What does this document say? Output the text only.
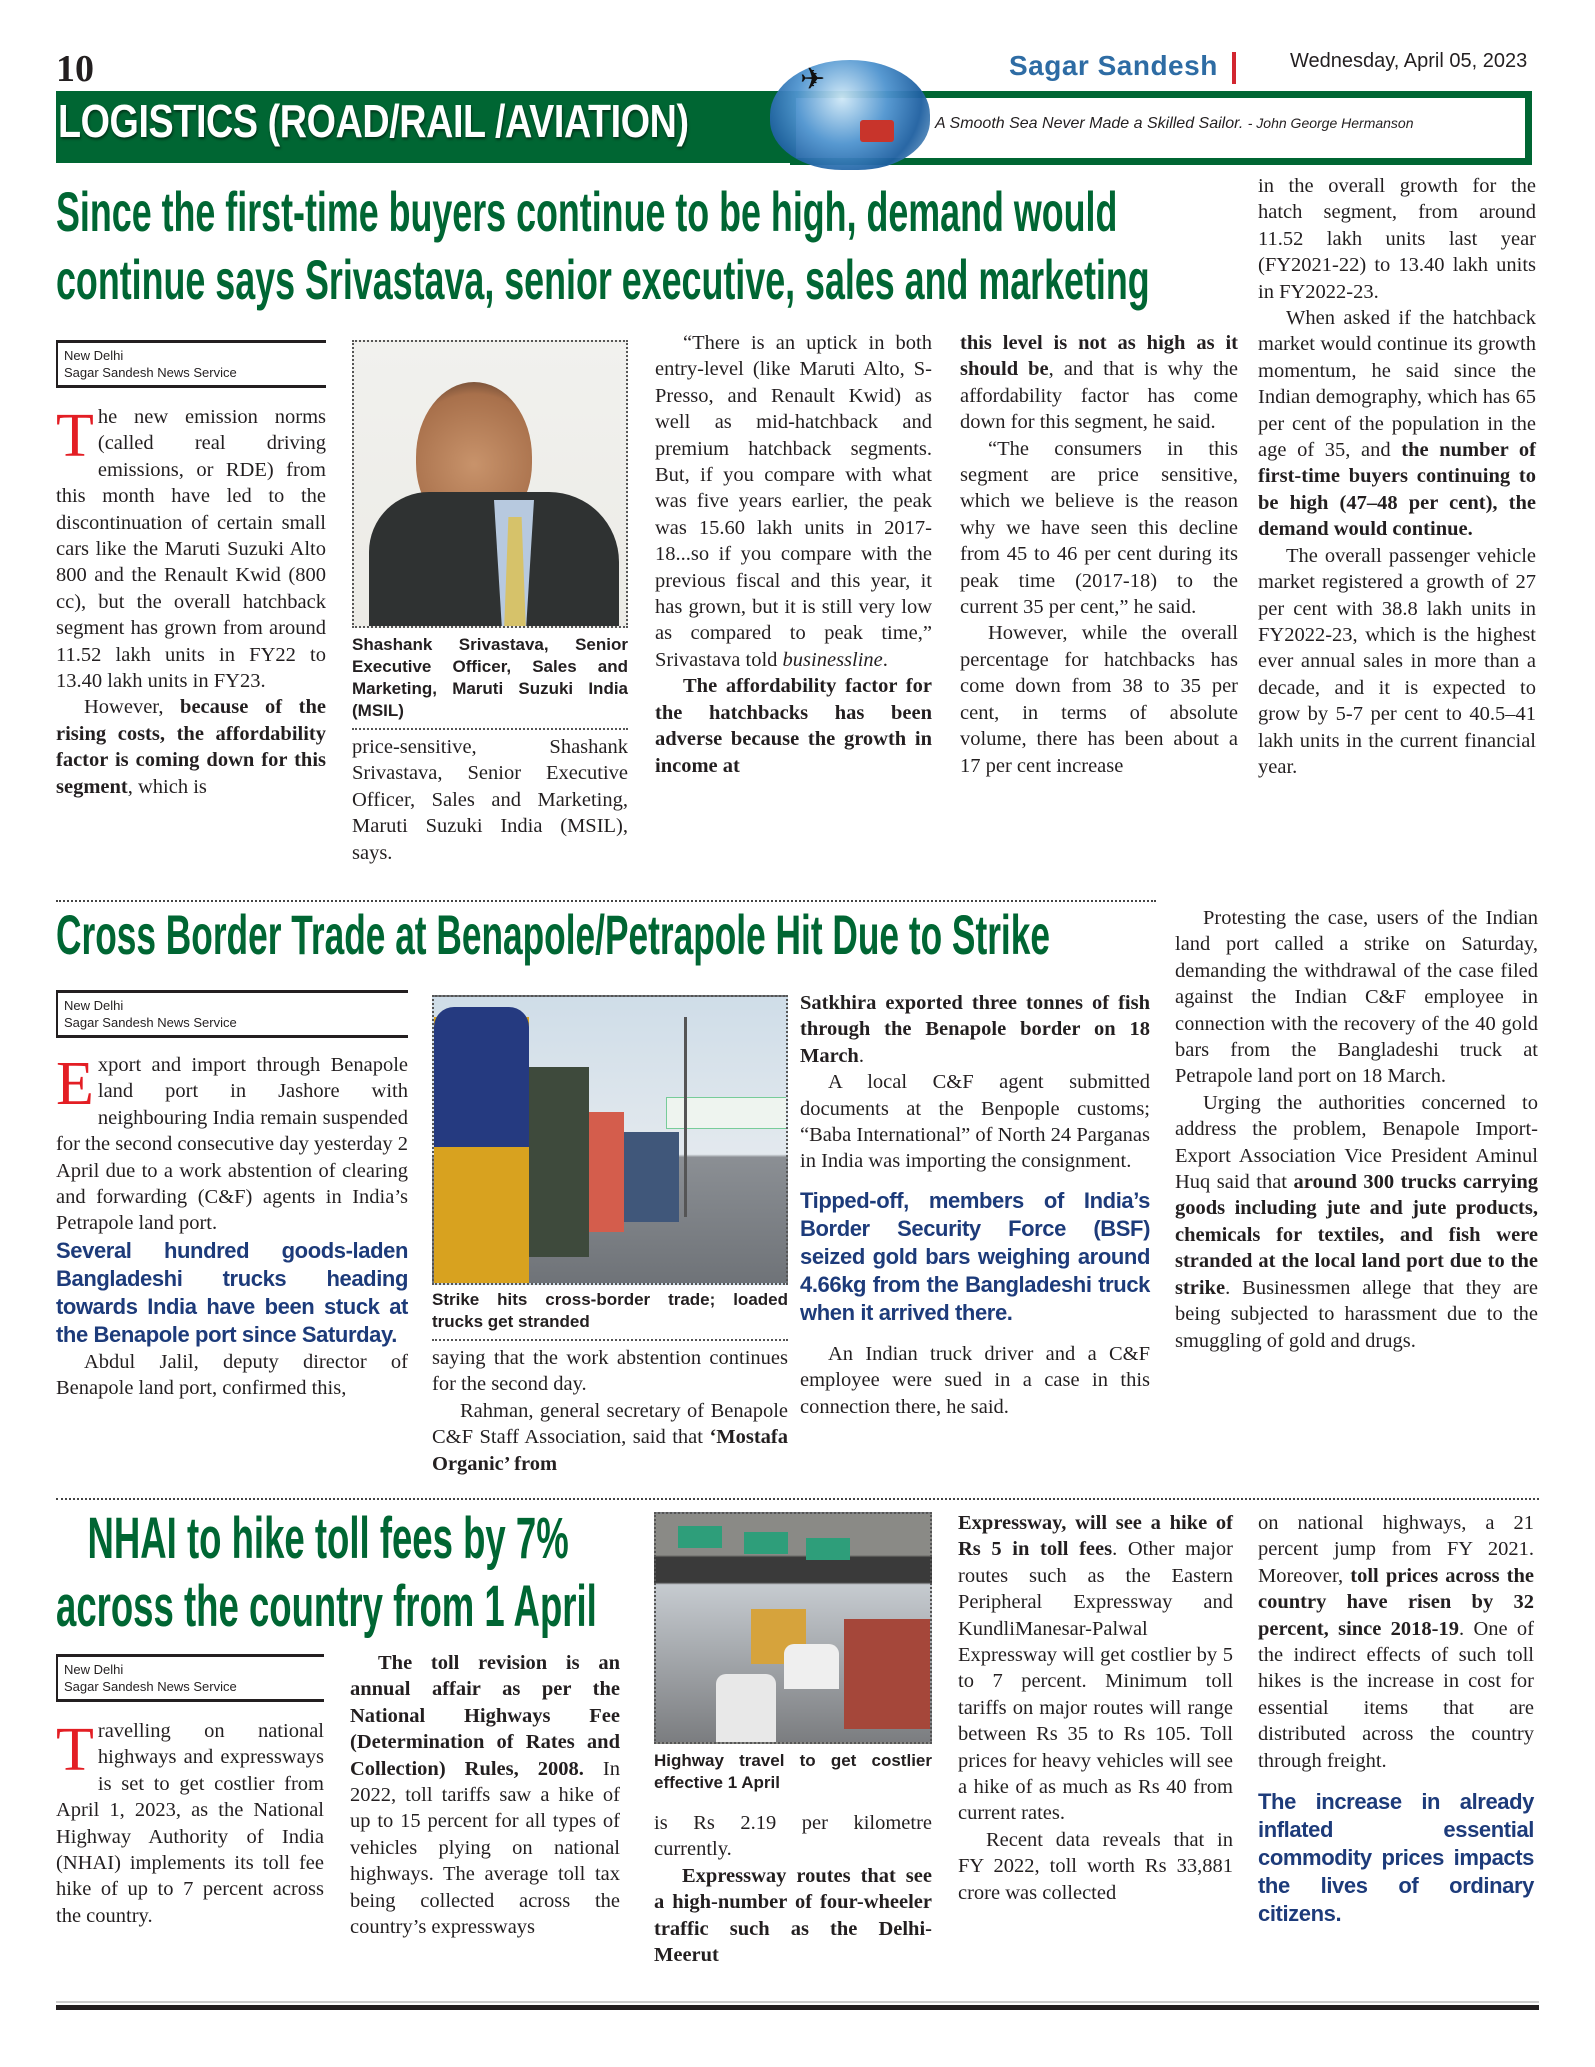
10	Sagar Sandesh	Wednesday, April 05, 2023
LOGISTICS (ROAD/RAIL /AVIATION)	A Smooth Sea Never Made a Skilled Sailor. - John George Hermanson
✈
Since the first-time buyers continue to be high, demand would
continue says Srivastava, senior executive, sales and marketing
New Delhi
Sagar Sandesh News Service

The new emission norms (called real driving emissions, or RDE) from this month have led to the discontinuation of certain small cars like the Maruti Suzuki Alto 800 and the Renault Kwid (800 cc), but the overall hatchback segment has grown from around 11.52 lakh units in FY22 to 13.40 lakh units in FY23.

However, because of the rising costs, the affordability factor is coming down for this segment, which is

Shashank Srivastava, Senior Executive Officer, Sales and Marketing, Maruti Suzuki India (MSIL)

price-sensitive, Shashank Srivastava, Senior Executive Officer, Sales and Marketing, Maruti Suzuki India (MSIL), says.

“There is an uptick in both entry-level (like Maruti Alto, S-Presso, and Renault Kwid) as well as mid-hatchback and premium hatchback segments. But, if you compare with what was five years earlier, the peak was 15.60 lakh units in 2017-18...so if you compare with the previous fiscal and this year, it has grown, but it is still very low as compared to peak time,” Srivastava told businessline.

The affordability factor for the hatchbacks has been adverse because the growth in income at

this level is not as high as it should be, and that is why the affordability factor has come down for this segment, he said.

“The consumers in this segment are price sensitive, which we believe is the reason why we have seen this decline from 45 to 46 per cent during its peak time (2017-18) to the current 35 per cent,” he said.

However, while the overall percentage for hatchbacks has come down from 38 to 35 per cent, in terms of absolute volume, there has been about a 17 per cent increase

in the overall growth for the hatch segment, from around 11.52 lakh units last year (FY2021-22) to 13.40 lakh units in FY2022-23.

When asked if the hatchback market would continue its growth momentum, he said since the Indian demography, which has 65 per cent of the population in the age of 35, and the number of first-time buyers continuing to be high (47–48 per cent), the demand would continue.

The overall passenger vehicle market registered a growth of 27 per cent with 38.8 lakh units in FY2022-23, which is the highest ever annual sales in more than a decade, and it is expected to grow by 5-7 per cent to 40.5–41 lakh units in the current financial year.

Cross Border Trade at Benapole/Petrapole Hit Due to Strike
New Delhi
Sagar Sandesh News Service

Export and import through Benapole land port in Jashore with neighbouring India remain suspended for the second consecutive day yesterday 2 April due to a work abstention of clearing and forwarding (C&F) agents in India’s Petrapole land port.

Several hundred goods-laden Bangladeshi trucks heading towards India have been stuck at the Benapole port since Saturday.

Abdul Jalil, deputy director of Benapole land port, confirmed this,

Strike hits cross-border trade; loaded trucks get stranded

saying that the work abstention continues for the second day.

Rahman, general secretary of Benapole C&F Staff Association, said that ‘Mostafa Organic’ from

Satkhira exported three tonnes of fish through the Benapole border on 18 March.

A local C&F agent submitted documents at the Benpople customs; “Baba International” of North 24 Parganas in India was importing the consignment.

Tipped-off, members of India’s Border Security Force (BSF) seized gold bars weighing around 4.66kg from the Bangladeshi truck when it arrived there.

An Indian truck driver and a C&F employee were sued in a case in this connection there, he said.

Protesting the case, users of the Indian land port called a strike on Saturday, demanding the withdrawal of the case filed against the Indian C&F employee in connection with the recovery of the 40 gold bars from the Bangladeshi truck at Petrapole land port on 18 March.

Urging the authorities concerned to address the problem, Benapole Import-Export Association Vice President Aminul Huq said that around 300 trucks carrying goods including jute and jute products, chemicals for textiles, and fish were stranded at the local land port due to the strike. Businessmen allege that they are being subjected to harassment due to the smuggling of gold and drugs.

NHAI to hike toll fees by 7%
across the country from 1 April
New Delhi
Sagar Sandesh News Service

Travelling on national highways and expressways is set to get costlier from April 1, 2023, as the National Highway Authority of India (NHAI) implements its toll fee hike of up to 7 percent across the country.

The toll revision is an annual affair as per the National Highways Fee (Determination of Rates and Collection) Rules, 2008. In 2022, toll tariffs saw a hike of up to 15 percent for all types of vehicles plying on national highways. The average toll tax being collected across the country’s expressways

Highway travel to get costlier effective 1 April

is Rs 2.19 per kilometre currently.

Expressway routes that see a high-number of four-wheeler traffic such as the Delhi-Meerut

Expressway, will see a hike of Rs 5 in toll fees. Other major routes such as the Eastern Peripheral Expressway and KundliManesar-Palwal Expressway will get costlier by 5 to 7 percent. Minimum toll tariffs on major routes will range between Rs 35 to Rs 105. Toll prices for heavy vehicles will see a hike of as much as Rs 40 from current rates.

Recent data reveals that in FY 2022, toll worth Rs 33,881 crore was collected

on national highways, a 21 percent jump from FY 2021. Moreover, toll prices across the country have risen by 32 percent, since 2018-19. One of the indirect effects of such toll hikes is the increase in cost for essential items that are distributed across the country through freight.

The increase in already inflated essential commodity prices impacts the lives of ordinary citizens.
